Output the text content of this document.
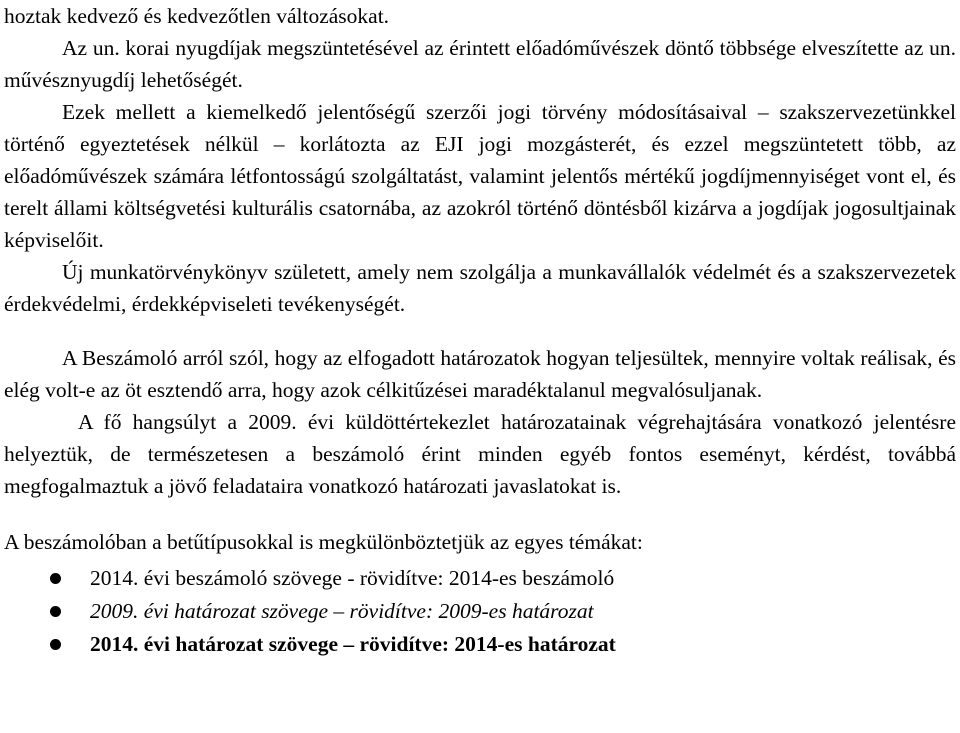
hoztak kedvező és kedvezőtlen változásokat.

Az un. korai nyugdíjak megszüntetésével az érintett előadóművészek döntő többsége elveszítette az un. művésznyugdíj lehetőségét.

Ezek mellett a kiemelkedő jelentőségű szerzői jogi törvény módosításaival – szakszervezetünkkel történő egyeztetések nélkül – korlátozta az EJI jogi mozgásterét, és ezzel megszüntetett több, az előadóművészek számára létfontosságú szolgáltatást, valamint jelentős mértékű jogdíjmennyiséget vont el, és terelt állami költségvetési kulturális csatornába, az azokról történő döntésből kizárva a jogdíjak jogosultjainak képviselőit.

Új munkatörvénykönyv született, amely nem szolgálja a munkavállalók védelmét és a szakszervezetek érdekvédelmi, érdekképviseleti tevékenységét.

A Beszámoló arról szól, hogy az elfogadott határozatok hogyan teljesültek, mennyire voltak reálisak, és elég volt-e az öt esztendő arra, hogy azok célkitűzései maradéktalanul megvalósuljanak.

A fő hangsúlyt a 2009. évi küldöttértekezlet határozatainak végrehajtására vonatkozó jelentésre helyeztük, de természetesen a beszámoló érint minden egyéb fontos eseményt, kérdést, továbbá megfogalmaztuk a jövő feladataira vonatkozó határozati javaslatokat is.

A beszámolóban a betűtípusokkal is megkülönböztetjük az egyes témákat:

2014. évi beszámoló szövege - rövidítve: 2014-es beszámoló
2009. évi határozat szövege – rövidítve: 2009-es határozat
2014. évi határozat szövege – rövidítve: 2014-es határozat
